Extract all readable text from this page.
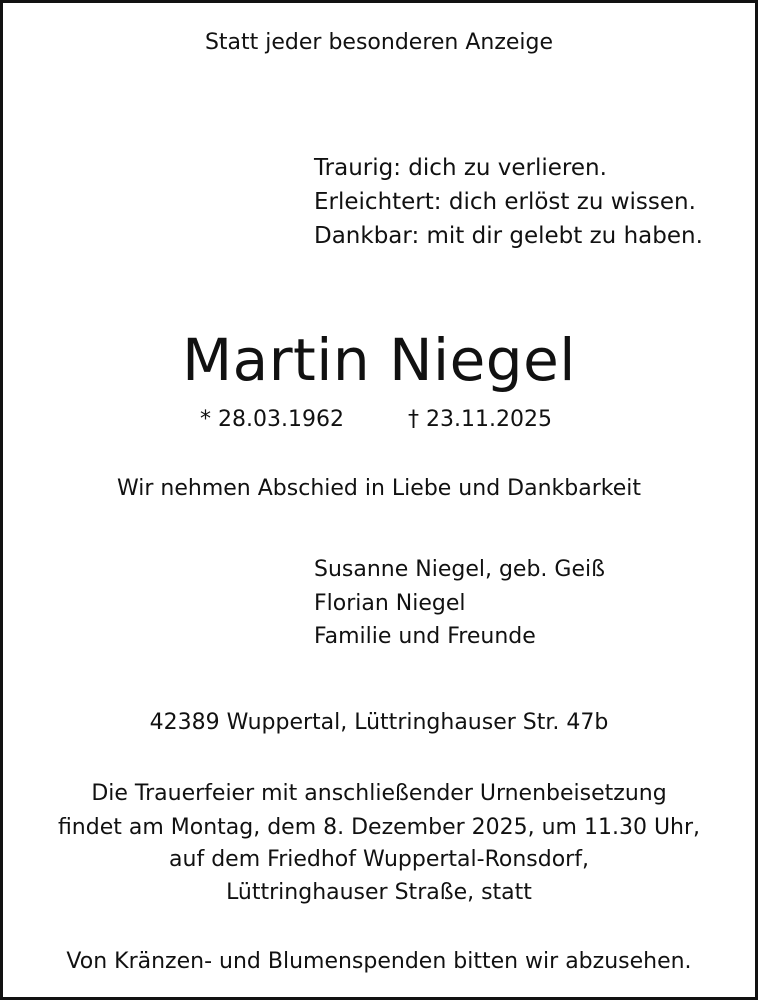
Statt jeder besonderen Anzeige
Traurig: dich zu verlieren.
Erleichtert: dich erlöst zu wissen.
Dankbar: mit dir gelebt zu haben.
Martin Niegel
* 28.03.1962	† 23.11.2025
Wir nehmen Abschied in Liebe und Dankbarkeit
Susanne Niegel, geb. Geiß
Florian Niegel
Familie und Freunde
42389 Wuppertal, Lüttringhauser Str. 47b
Die Trauerfeier mit anschließender Urnenbeisetzung
findet am Montag, dem 8. Dezember 2025, um 11.30 Uhr,
auf dem Friedhof Wuppertal-Ronsdorf,
Lüttringhauser Straße, statt
Von Kränzen- und Blumenspenden bitten wir abzusehen.
